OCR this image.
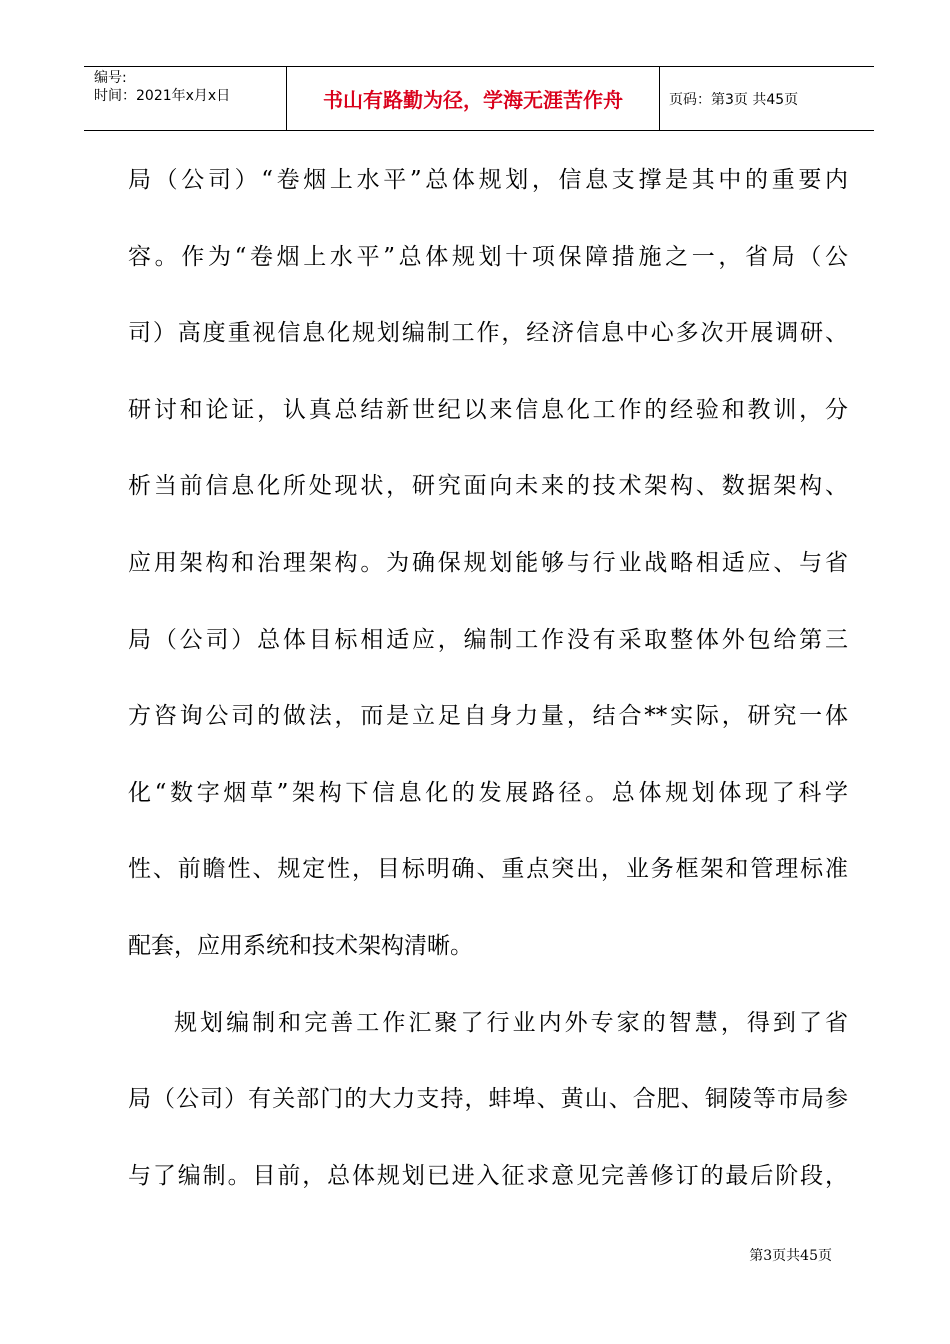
编号:
时间：2021年x月x日	书山有路勤为径，学海无涯苦作舟	页码：第3页 共45页
局（公司）“卷烟上水平”总体规划，信息支撑是其中的重要内
容。作为“卷烟上水平”总体规划十项保障措施之一，省局（公
司）高度重视信息化规划编制工作，经济信息中心多次开展调研、
研讨和论证，认真总结新世纪以来信息化工作的经验和教训，分
析当前信息化所处现状，研究面向未来的技术架构、数据架构、
应用架构和治理架构。为确保规划能够与行业战略相适应、与省
局（公司）总体目标相适应，编制工作没有采取整体外包给第三
方咨询公司的做法，而是立足自身力量，结合**实际，研究一体
化“数字烟草”架构下信息化的发展路径。总体规划体现了科学
性、前瞻性、规定性，目标明确、重点突出，业务框架和管理标准
配套，应用系统和技术架构清晰。
规划编制和完善工作汇聚了行业内外专家的智慧，得到了省
局（公司）有关部门的大力支持，蚌埠、黄山、合肥、铜陵等市局参
与了编制。目前，总体规划已进入征求意见完善修订的最后阶段，
第3页共45页
